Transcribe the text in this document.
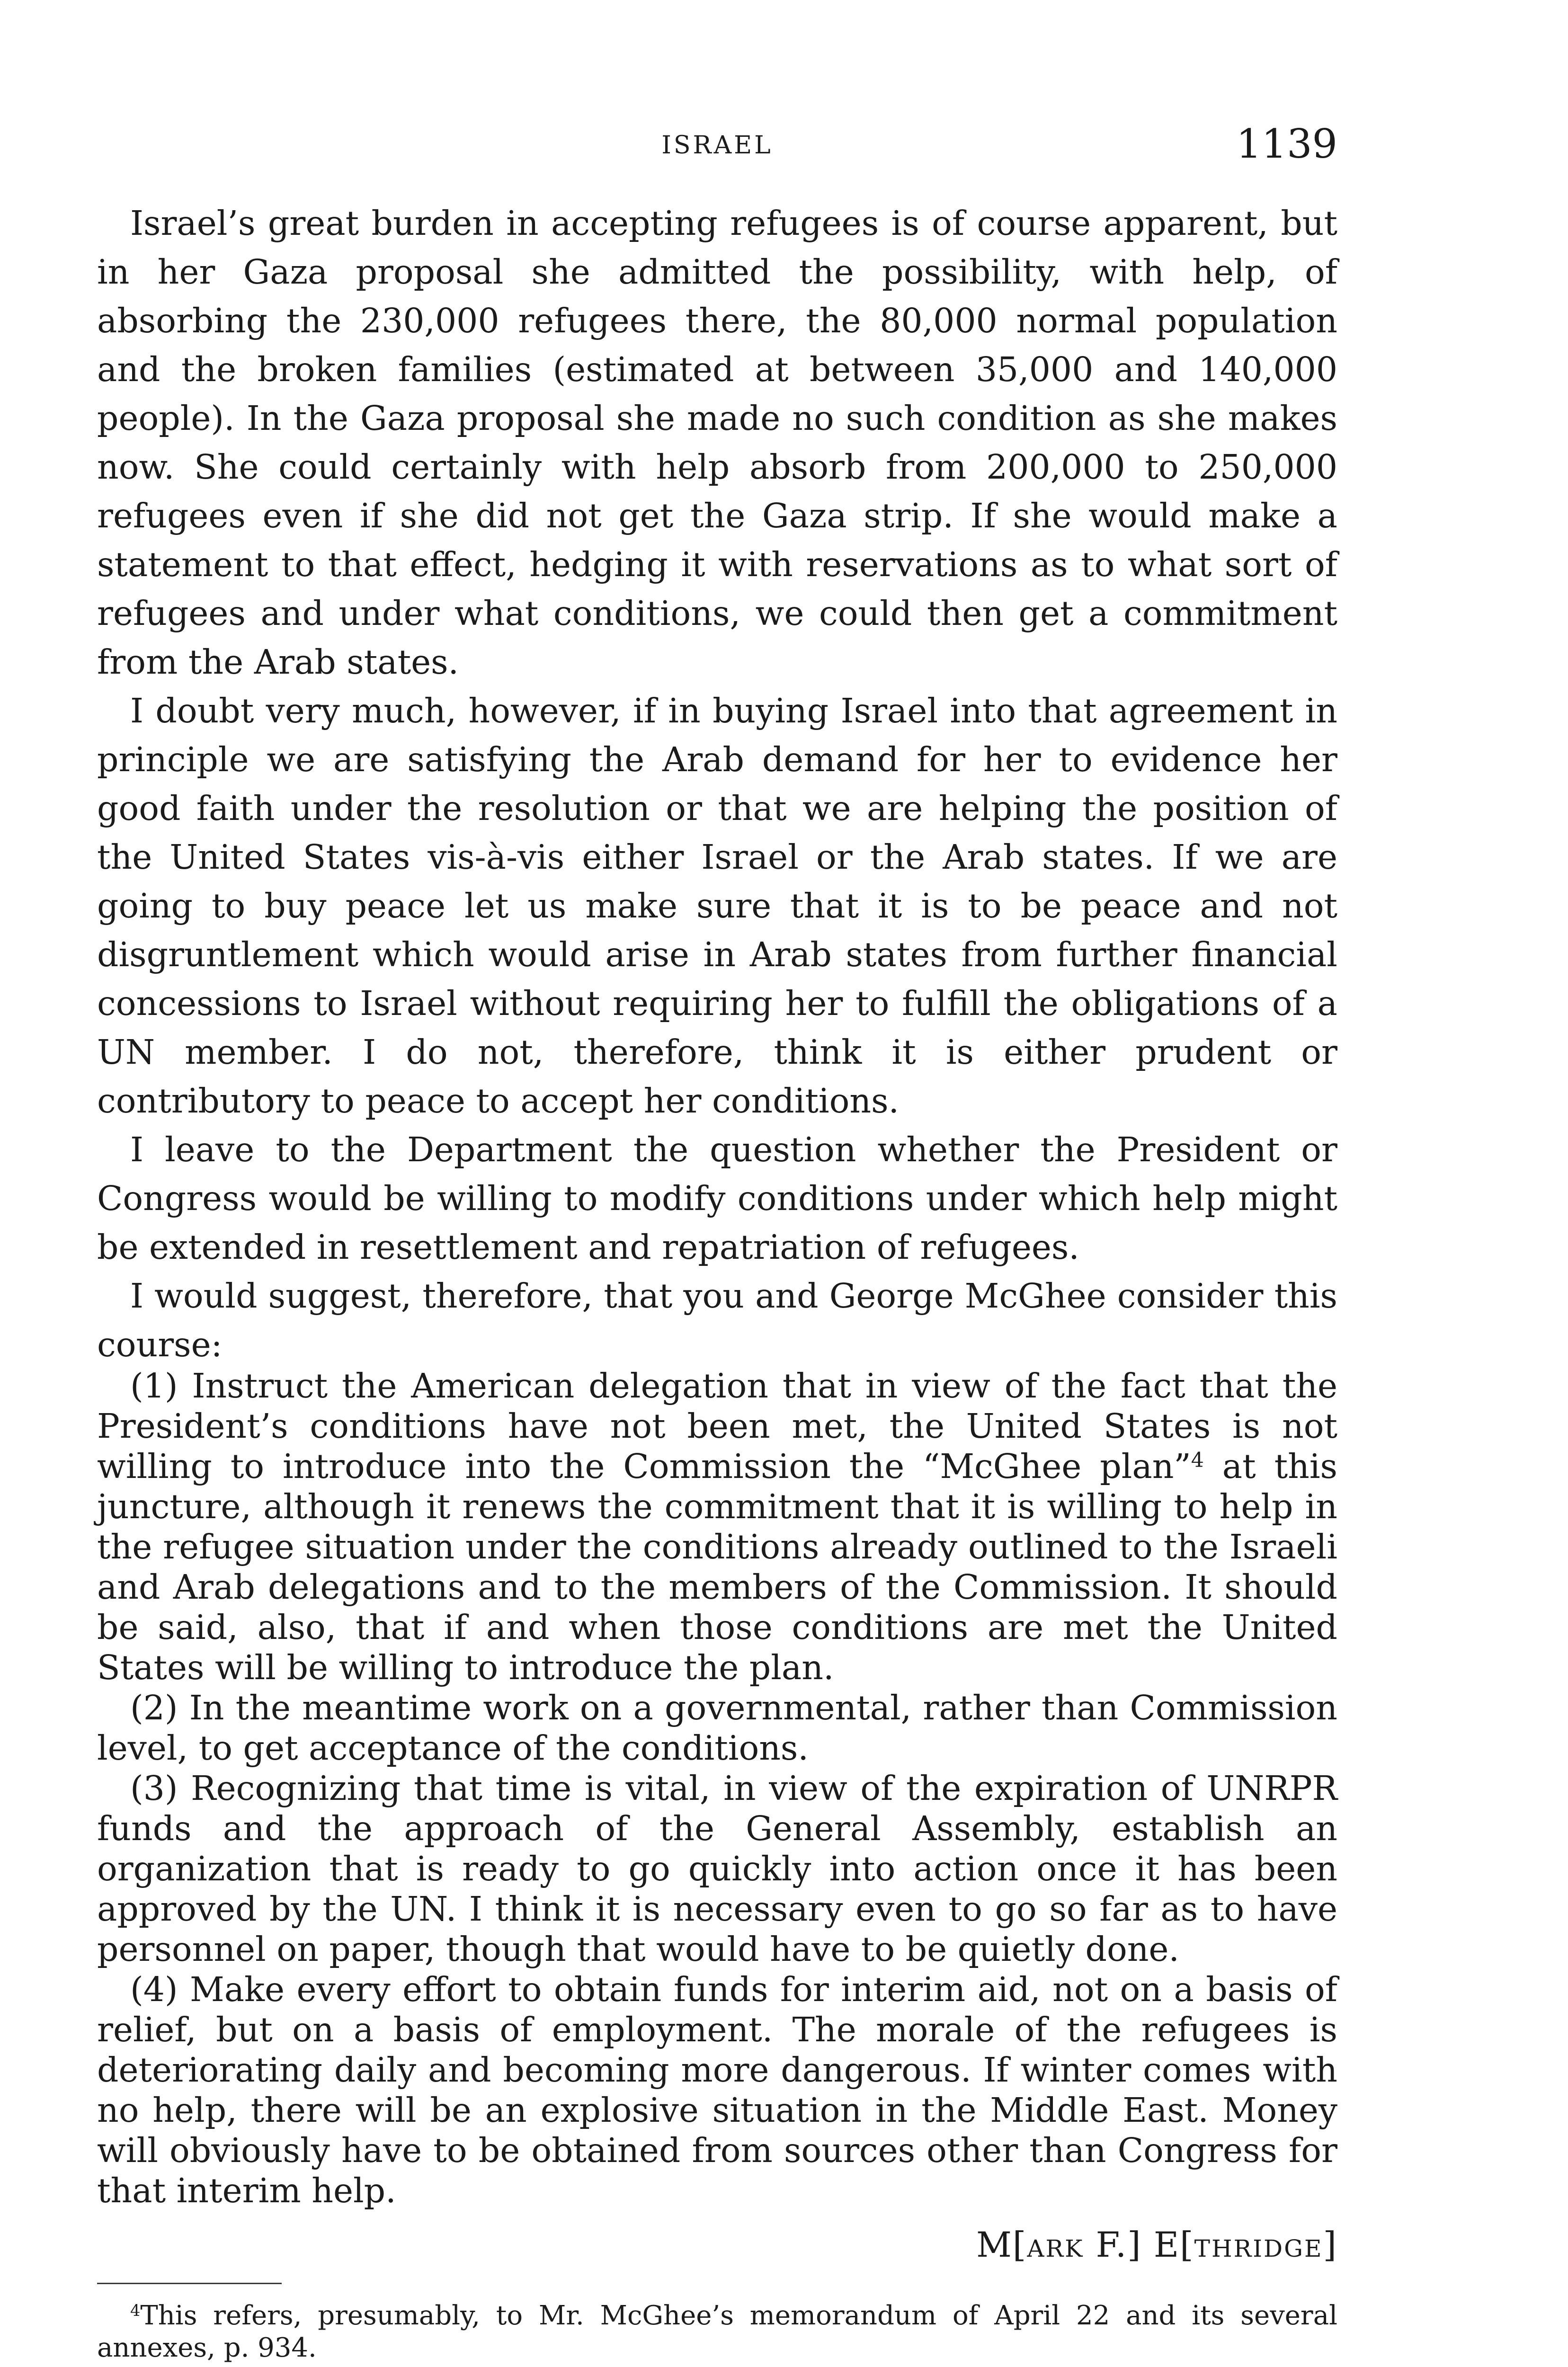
ISRAEL	1139

Israel’s great burden in accepting refugees is of course apparent, but in her Gaza proposal she admitted the possibility, with help, of absorbing the 230,000 refugees there, the 80,000 normal population and the broken families (estimated at between 35,000 and 140,000 people). In the Gaza proposal she made no such condition as she makes now. She could certainly with help absorb from 200,000 to 250,000 refugees even if she did not get the Gaza strip. If she would make a statement to that effect, hedging it with reservations as to what sort of refugees and under what conditions, we could then get a commitment from the Arab states.

I doubt very much, however, if in buying Israel into that agreement in principle we are satisfying the Arab demand for her to evidence her good faith under the resolution or that we are helping the position of the United States vis-à-vis either Israel or the Arab states. If we are going to buy peace let us make sure that it is to be peace and not disgruntlement which would arise in Arab states from further financial concessions to Israel without requiring her to fulfill the obligations of a UN member. I do not, therefore, think it is either prudent or contributory to peace to accept her conditions.

I leave to the Department the question whether the President or Congress would be willing to modify conditions under which help might be extended in resettlement and repatriation of refugees.

I would suggest, therefore, that you and George McGhee consider this course:

(1) Instruct the American delegation that in view of the fact that the President’s conditions have not been met, the United States is not willing to introduce into the Commission the “McGhee plan”$^4$ at this juncture, although it renews the commitment that it is willing to help in the refugee situation under the conditions already outlined to the Israeli and Arab delegations and to the members of the Commission. It should be said, also, that if and when those conditions are met the United States will be willing to introduce the plan.

(2) In the meantime work on a governmental, rather than Commission level, to get acceptance of the conditions.

(3) Recognizing that time is vital, in view of the expiration of UNRPR funds and the approach of the General Assembly, establish an organization that is ready to go quickly into action once it has been approved by the UN. I think it is necessary even to go so far as to have personnel on paper, though that would have to be quietly done.

(4) Make every effort to obtain funds for interim aid, not on a basis of relief, but on a basis of employment. The morale of the refugees is deteriorating daily and becoming more dangerous. If winter comes with no help, there will be an explosive situation in the Middle East. Money will obviously have to be obtained from sources other than Congress for that interim help.

M[ARK F.] E[THRIDGE]

$^4$This refers, presumably, to Mr. McGhee’s memorandum of April 22 and its several annexes, p. 934.
